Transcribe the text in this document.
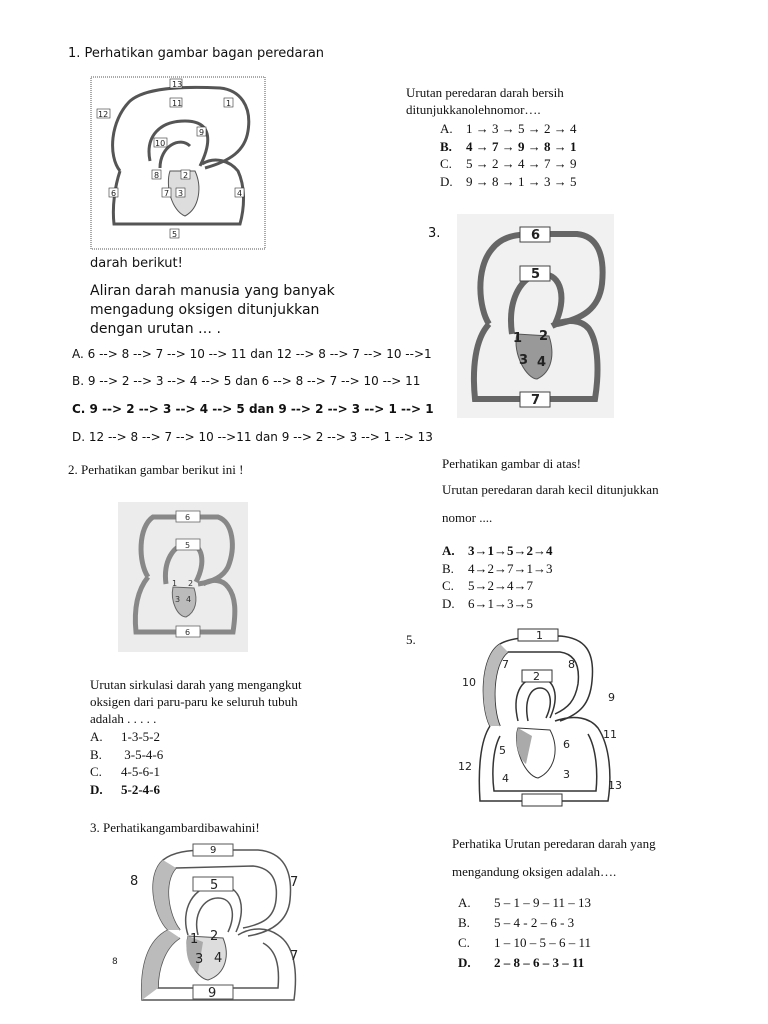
1. Perhatikan gambar bagan peredaran
13
11	1
12
9
10
8	2
6	7 3	4
5
darah berikut!
Aliran darah manusia yang banyak
mengadung oksigen ditunjukkan
dengan urutan … .
A. 6 --> 8 --> 7 --> 10 --> 11 dan 12 --> 8 --> 7 --> 10 -->1
B. 9 --> 2 --> 3 --> 4 --> 5 dan 6 --> 8 --> 7 --> 10 --> 11
C. 9 --> 2 --> 3 --> 4 --> 5 dan 9 --> 2 --> 3 --> 1 --> 1
D. 12 --> 8 --> 7 --> 10 -->11 dan 9 --> 2 --> 3 --> 1 --> 13
Urutan peredaran darah bersih
ditunjukkanolehnomor….
A. 1 → 3 → 5 → 2 → 4
B. 4 → 7 → 9 → 8 → 1
C. 5 → 2 → 4 → 7 → 9
D. 9 → 8 → 1 → 3 → 5
3.	6
5
1 2
3 4
7
Perhatikan gambar di atas!
Urutan peredaran darah kecil ditunjukkan
nomor ....
A. 3→1→5→2→4
B. 4→2→7→1→3
C. 5→2→4→7
D. 6→1→3→5
2. Perhatikan gambar berikut ini !
6
5
1 2
3 4
6
Urutan sirkulasi darah yang mengangkut
oksigen dari paru-paru ke seluruh tubuh
adalah . . . . .
A. 1-3-5-2
B. 3-5-4-6
C. 4-5-6-1
D. 5-2-4-6
5.	1
7	8
2
10
9
11
5	6
12
4	3
13
Perhatika Urutan peredaran darah yang
mengandung oksigen adalah….
A. 5 – 1 – 9 – 11 – 13
B. 5 – 4 - 2 – 6 - 3
C. 1 – 10 – 5 – 6 – 11
D. 2 – 8 – 6 – 3 – 11
3. Perhatikangambardibawahini!
9
8	5	7
1 2
3 4
8	7
9
